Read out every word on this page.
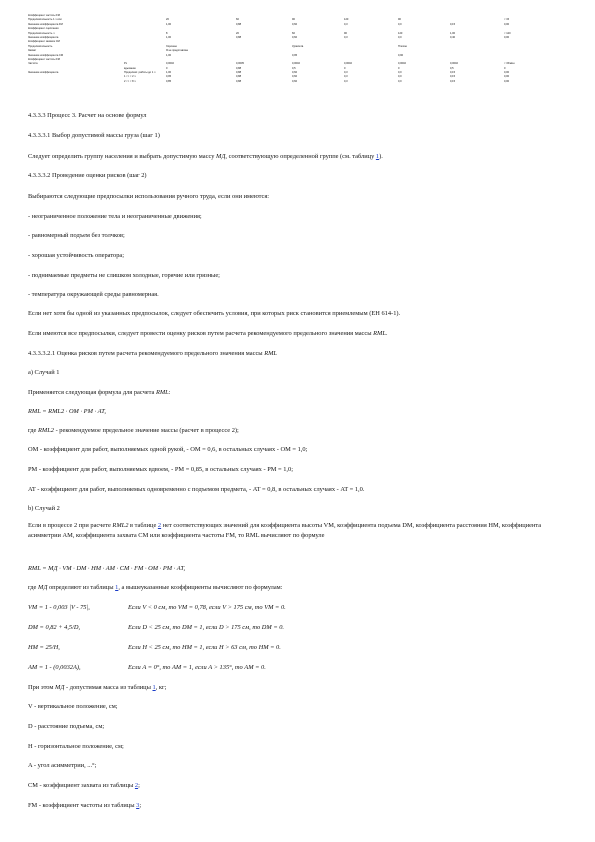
Коэффициент частоты FM
Продолжительность 1 ч или	20	60	90	120	90	< 15
Значение коэффициента FM	1,00	0,88	0,60	0,3	0,0	0,15	0,00
Коэффициент сцепления
Продолжительность ч	8	20	60	90	120	1,00	< 120
Значение коэффициента	1,00	0,88	0,60	0,3	0,0	0,40	0,00
Коэффициент захвата CM
Продолжительность	Хорошее	Удовлетв.	Плохое
Захват	Я не представляю
Значение коэффициента CM	1,00	0,95	0,90
Коэффициент частоты FM
Частота	Рх	0,0002	0,0005	0,0002	0,0002	0,0002	0,0002	< 15/мин
вдыхание	0	0,88	0,5	0	0	0,5	0
Значение коэффициента	Продолжит. работы до 1 ч	1,00	0,88	0,60	0,3	0,0	0,15	0,00
1 < t < 2 ч	0,95	0,88	0,60	0,3	0,0	0,15	0,00
2 < t < 8 ч	0,85	0,88	0,60	0,3	0,0	0,15	0,00

4.3.3.3 Процесс 3. Расчет на основе формул

4.3.3.3.1 Выбор допустимой массы груза (шаг 1)

Следует определить группу населения и выбрать допустимую массу МД, соответствующую определенной группе (см. таблицу 1).

4.3.3.3.2 Проведение оценки рисков (шаг 2)

Выбираются следующие предпосылки использования ручного труда, если они имеются:

- неограниченное положение тела и неограниченные движения;

- равномерный подъем без толчков;

- хорошая устойчивость оператора;

- поднимаемые предметы не слишком холодные, горячие или грязные;

- температура окружающей среды равномерная.

Если нет хотя бы одной из указанных предпосылок, следует обеспечить условия, при которых риск становится приемлемым (ЕН 614-1).

Если имеются все предпосылки, следует провести оценку рисков путем расчета рекомендуемого предельного значения массы RML.

4.3.3.3.2.1 Оценка рисков путем расчета рекомендуемого предельного значения массы RML

a) Случай 1

Применяется следующая формула для расчета RML:

RML = RML2 · OM · PM · AT,

где RML2 - рекомендуемое предельное значение массы (расчет в процессе 2);

OM - коэффициент для работ, выполняемых одной рукой, - OM = 0,6, в остальных случаях - OM = 1,0;

PM - коэффициент для работ, выполняемых вдвоем, - PM = 0,85, в остальных случаях - PM = 1,0;

AT - коэффициент для работ, выполняемых одновременно с подъемом предмета, - AT = 0,8, в остальных случаях - AT = 1,0.

b) Случай 2

Если в процессе 2 при расчете RML2 в таблице 2 нет соответствующих значений для коэффициента высоты VM, коэффициента подъема DM, коэффициента расстояния HM, коэффициента асимметрии AM, коэффициента захвата CM или коэффициента частоты FM, то RML вычисляют по формуле

RML = МД · VM · DM · HM · AM · CM · FM · OM · PM · AT,

где МД определяют из таблицы 1, а вышеуказанные коэффициенты вычисляют по формулам:

VM = 1 - 0,003 |V - 75|,	Если V < 0 см, то VM = 0,78, если V > 175 см, то VM = 0.

DM = 0,82 + 4,5/D,	Если D < 25 см, то DM = 1, если D > 175 см, то DM = 0.

HM = 25/H,	Если H < 25 см, то HM = 1, если H > 63 см, то HM = 0.

AM = 1 - (0,0032A),	Если A = 0°, то AM = 1, если A > 135°, то AM = 0.

При этом МД - допустимая масса из таблицы 1, кг;

V - вертикальное положение, см;

D - расстояние подъема, см;

H - горизонтальное положение, см;

A - угол асимметрии, ...°;

CM - коэффициент захвата из таблицы 2;

FM - коэффициент частоты из таблицы 3;
